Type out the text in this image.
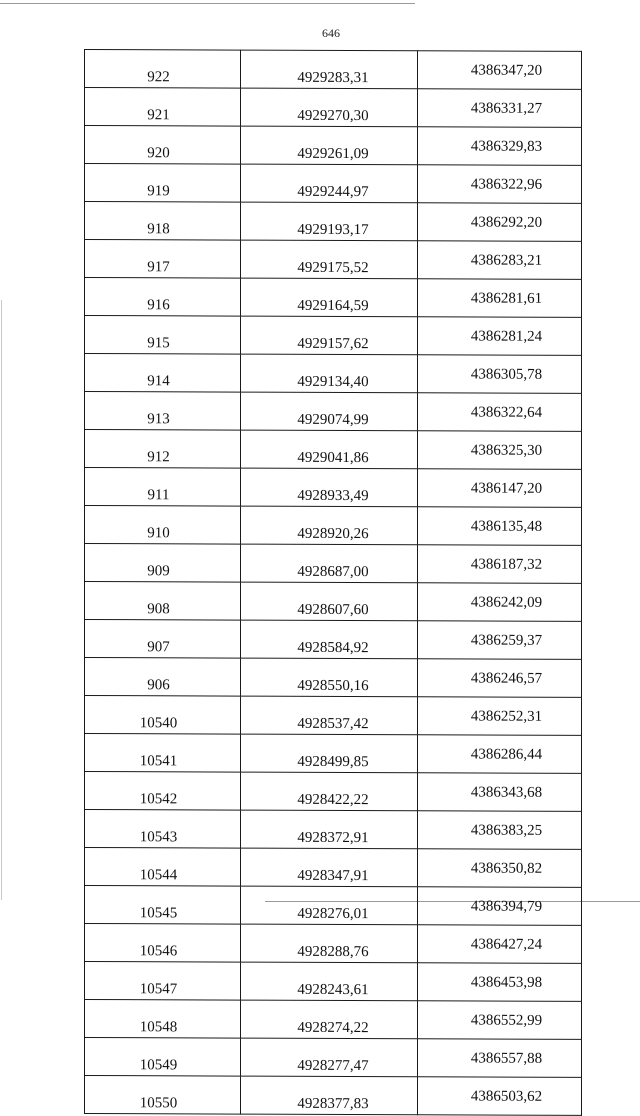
646
922	4929283,31	4386347,20
921	4929270,30	4386331,27
920	4929261,09	4386329,83
919	4929244,97	4386322,96
918	4929193,17	4386292,20
917	4929175,52	4386283,21
916	4929164,59	4386281,61
915	4929157,62	4386281,24
914	4929134,40	4386305,78
913	4929074,99	4386322,64
912	4929041,86	4386325,30
911	4928933,49	4386147,20
910	4928920,26	4386135,48
909	4928687,00	4386187,32
908	4928607,60	4386242,09
907	4928584,92	4386259,37
906	4928550,16	4386246,57
10540	4928537,42	4386252,31
10541	4928499,85	4386286,44
10542	4928422,22	4386343,68
10543	4928372,91	4386383,25
10544	4928347,91	4386350,82
10545	4928276,01	4386394,79
10546	4928288,76	4386427,24
10547	4928243,61	4386453,98
10548	4928274,22	4386552,99
10549	4928277,47	4386557,88
10550	4928377,83	4386503,62
